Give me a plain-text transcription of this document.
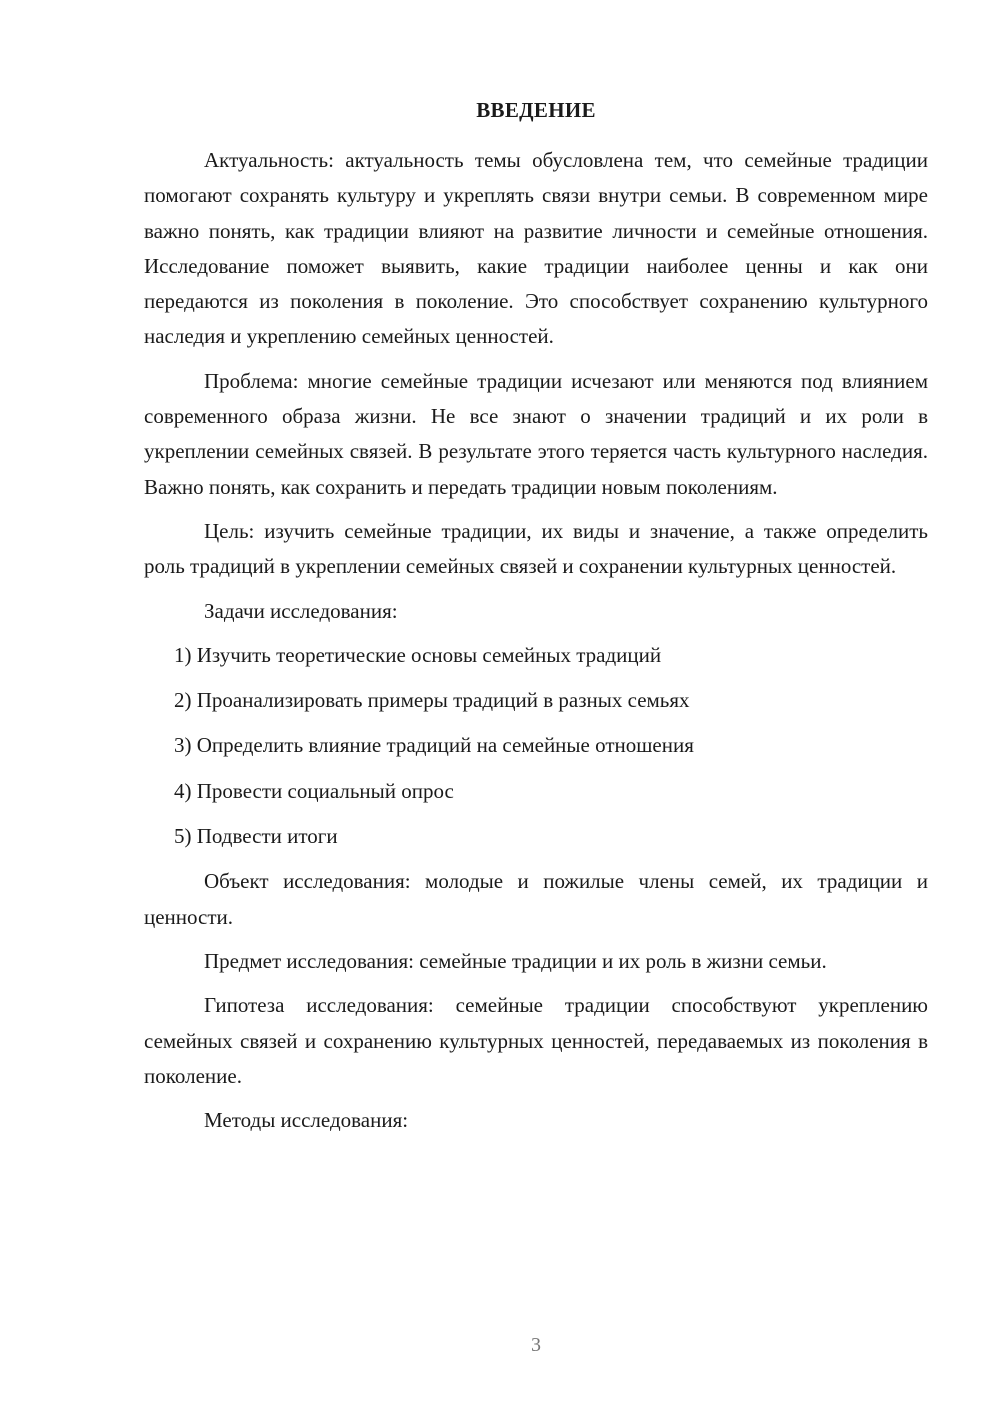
ВВЕДЕНИЕ

Актуальность: актуальность темы обусловлена тем, что семейные традиции помогают сохранять культуру и укреплять связи внутри семьи. В современном мире важно понять, как традиции влияют на развитие личности и семейные отношения. Исследование поможет выявить, какие традиции наиболее ценны и как они передаются из поколения в поколение. Это способствует сохранению культурного наследия и укреплению семейных ценностей.

Проблема: многие семейные традиции исчезают или меняются под влиянием современного образа жизни. Не все знают о значении традиций и их роли в укреплении семейных связей. В результате этого теряется часть культурного наследия. Важно понять, как сохранить и передать традиции новым поколениям.

Цель: изучить семейные традиции, их виды и значение, а также определить роль традиций в укреплении семейных связей и сохранении культурных ценностей.

Задачи исследования:

1) Изучить теоретические основы семейных традиций
2) Проанализировать примеры традиций в разных семьях
3) Определить влияние традиций на семейные отношения
4) Провести социальный опрос
5) Подвести итоги

Объект исследования: молодые и пожилые члены семей, их традиции и ценности.

Предмет исследования: семейные традиции и их роль в жизни семьи.

Гипотеза исследования: семейные традиции способствуют укреплению семейных связей и сохранению культурных ценностей, передаваемых из поколения в поколение.

Методы исследования:

3
